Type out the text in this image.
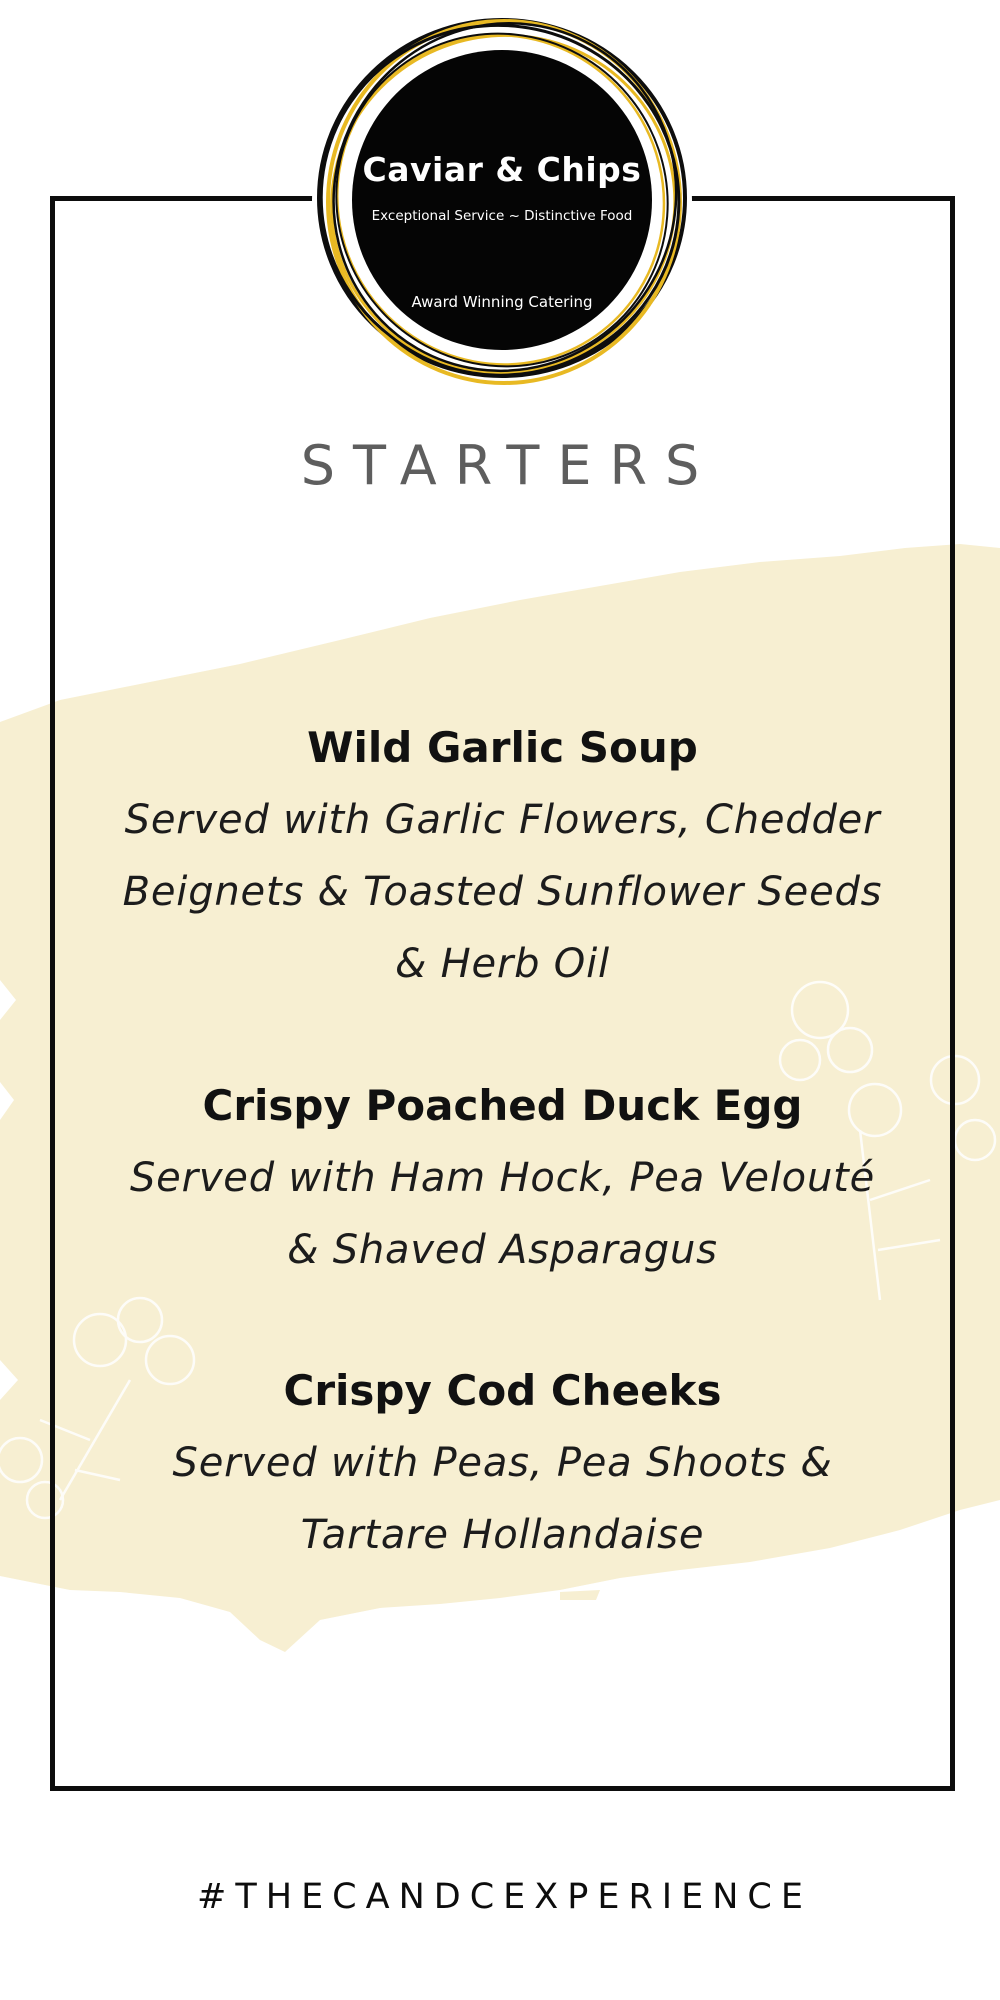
Caviar & Chips
Exceptional Service ~ Distinctive Food
Award Winning Catering
STARTERS
Wild Garlic Soup
Served with Garlic Flowers, Chedder
Beignets & Toasted Sunflower Seeds
& Herb Oil
Crispy Poached Duck Egg
Served with Ham Hock, Pea Velouté
& Shaved Asparagus
Crispy Cod Cheeks
Served with Peas, Pea Shoots &
Tartare Hollandaise
#THECANDCEXPERIENCE
